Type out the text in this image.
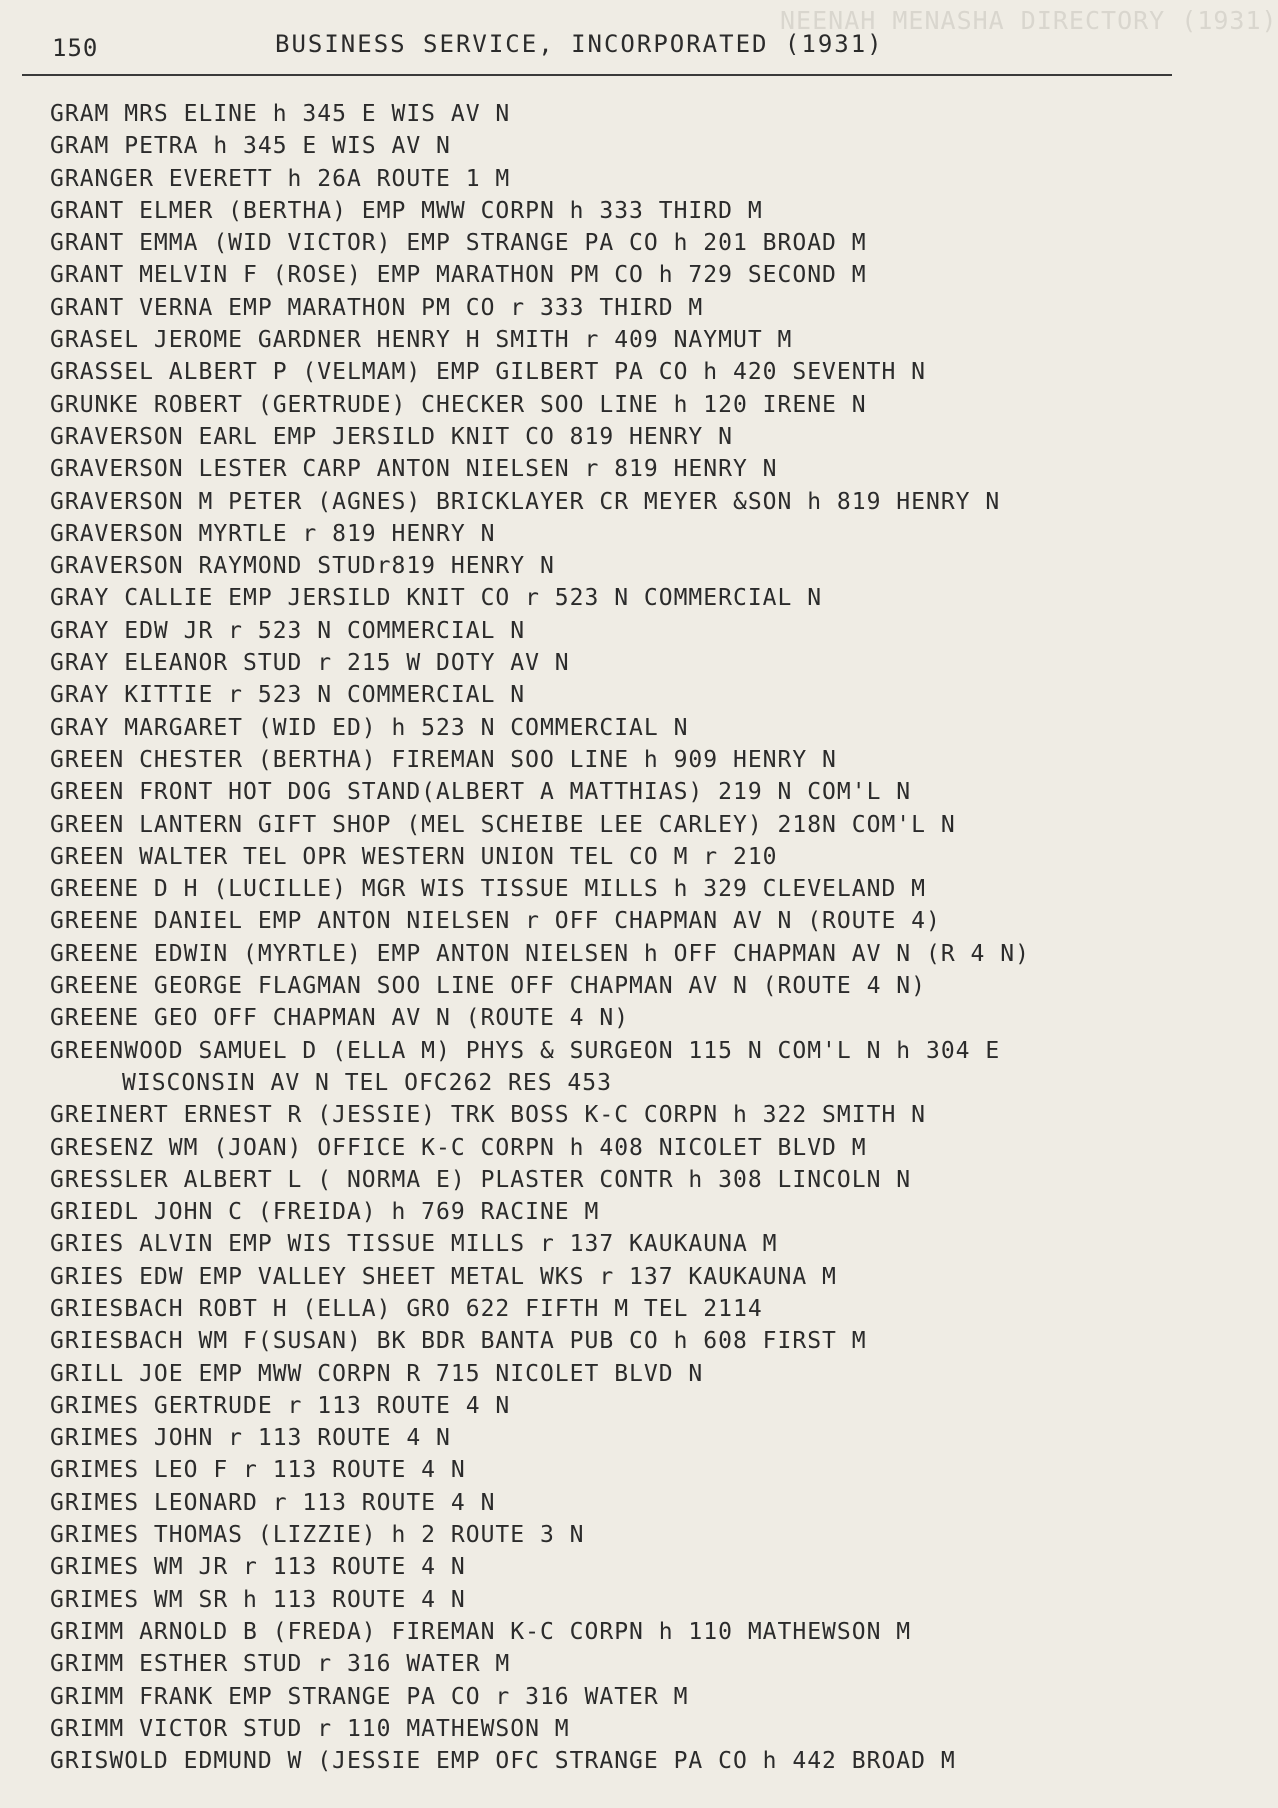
NEENAH MENASHA DIRECTORY (1931)
150	BUSINESS SERVICE, INCORPORATED (1931)
GRAM MRS ELINE h 345 E WIS AV N
GRAM PETRA h 345 E WIS AV N
GRANGER EVERETT h 26A ROUTE 1 M
GRANT ELMER (BERTHA) EMP MWW CORPN h 333 THIRD M
GRANT EMMA (WID VICTOR) EMP STRANGE PA CO h 201 BROAD M
GRANT MELVIN F (ROSE) EMP MARATHON PM CO h 729 SECOND M
GRANT VERNA EMP MARATHON PM CO r 333 THIRD M
GRASEL JEROME GARDNER HENRY H SMITH r 409 NAYMUT M
GRASSEL ALBERT P (VELMAM) EMP GILBERT PA CO h 420 SEVENTH N
GRUNKE ROBERT (GERTRUDE) CHECKER SOO LINE h 120 IRENE N
GRAVERSON EARL EMP JERSILD KNIT CO 819 HENRY N
GRAVERSON LESTER CARP ANTON NIELSEN r 819 HENRY N
GRAVERSON M PETER (AGNES) BRICKLAYER CR MEYER &SON h 819 HENRY N
GRAVERSON MYRTLE r 819 HENRY N
GRAVERSON RAYMOND STUDr819 HENRY N
GRAY CALLIE EMP JERSILD KNIT CO r 523 N COMMERCIAL N
GRAY EDW JR r 523 N COMMERCIAL N
GRAY ELEANOR STUD r 215 W DOTY AV N
GRAY KITTIE r 523 N COMMERCIAL N
GRAY MARGARET (WID ED) h 523 N COMMERCIAL N
GREEN CHESTER (BERTHA) FIREMAN SOO LINE h 909 HENRY N
GREEN FRONT HOT DOG STAND(ALBERT A MATTHIAS) 219 N COM'L N
GREEN LANTERN GIFT SHOP (MEL SCHEIBE LEE CARLEY) 218N COM'L N
GREEN WALTER TEL OPR WESTERN UNION TEL CO M r 210
GREENE D H (LUCILLE) MGR WIS TISSUE MILLS h 329 CLEVELAND M
GREENE DANIEL EMP ANTON NIELSEN r OFF CHAPMAN AV N (ROUTE 4)
GREENE EDWIN (MYRTLE) EMP ANTON NIELSEN h OFF CHAPMAN AV N (R 4 N)
GREENE GEORGE FLAGMAN SOO LINE OFF CHAPMAN AV N (ROUTE 4 N)
GREENE GEO OFF CHAPMAN AV N (ROUTE 4 N)
GREENWOOD SAMUEL D (ELLA M) PHYS & SURGEON 115 N COM'L N h 304 E
WISCONSIN AV N TEL OFC262 RES 453
GREINERT ERNEST R (JESSIE) TRK BOSS K-C CORPN h 322 SMITH N
GRESENZ WM (JOAN) OFFICE K-C CORPN h 408 NICOLET BLVD M
GRESSLER ALBERT L ( NORMA E) PLASTER CONTR h 308 LINCOLN N
GRIEDL JOHN C (FREIDA) h 769 RACINE M
GRIES ALVIN EMP WIS TISSUE MILLS r 137 KAUKAUNA M
GRIES EDW EMP VALLEY SHEET METAL WKS r 137 KAUKAUNA M
GRIESBACH ROBT H (ELLA) GRO 622 FIFTH M TEL 2114
GRIESBACH WM F(SUSAN) BK BDR BANTA PUB CO h 608 FIRST M
GRILL JOE EMP MWW CORPN R 715 NICOLET BLVD N
GRIMES GERTRUDE r 113 ROUTE 4 N
GRIMES JOHN r 113 ROUTE 4 N
GRIMES LEO F r 113 ROUTE 4 N
GRIMES LEONARD r 113 ROUTE 4 N
GRIMES THOMAS (LIZZIE) h 2 ROUTE 3 N
GRIMES WM JR r 113 ROUTE 4 N
GRIMES WM SR h 113 ROUTE 4 N
GRIMM ARNOLD B (FREDA) FIREMAN K-C CORPN h 110 MATHEWSON M
GRIMM ESTHER STUD r 316 WATER M
GRIMM FRANK EMP STRANGE PA CO r 316 WATER M
GRIMM VICTOR STUD r 110 MATHEWSON M
GRISWOLD EDMUND W (JESSIE EMP OFC STRANGE PA CO h 442 BROAD M
